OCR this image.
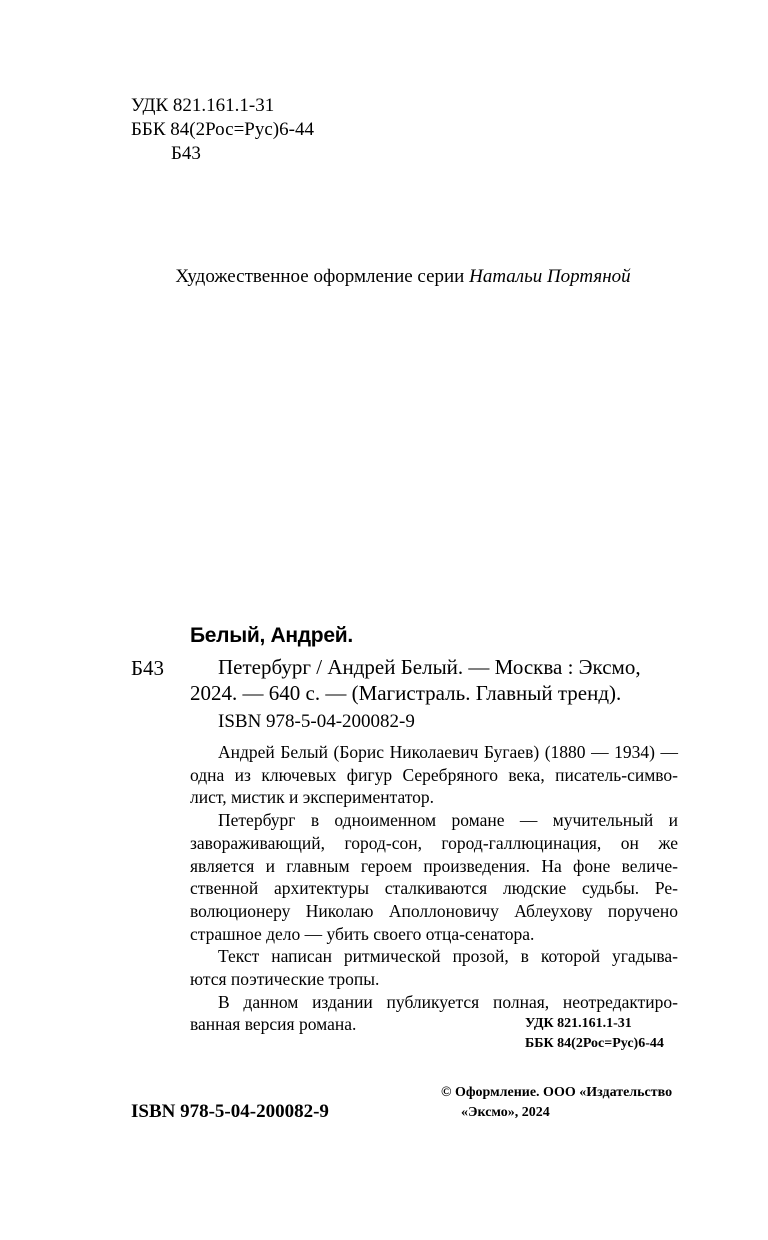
УДК 821.161.1-31
ББК 84(2Рос=Рус)6-44
Б43
Художественное оформление серии Натальи Портяной
Белый, Андрей.
Б43	Петербург / Андрей Белый. — Москва : Эксмо,
2024. — 640 с. — (Магистраль. Главный тренд).
ISBN 978-5-04-200082-9
Андрей Белый (Борис Николаевич Бугаев) (1880 — 1934) —
одна из ключевых фигур Серебряного века, писатель-симво-
лист, мистик и экспериментатор.
Петербург в одноименном романе — мучительный и
завораживающий, город-сон, город-галлюцинация, он же
является и главным героем произведения. На фоне величе-
ственной архитектуры сталкиваются людские судьбы. Ре-
волюционеру Николаю Аполлоновичу Аблеухову поручено
страшное дело — убить своего отца-сенатора.
Текст написан ритмической прозой, в которой угадыва-
ются поэтические тропы.
В данном издании публикуется полная, неотредактиро-
ванная версия романа.	УДК 821.161.1-31
ББК 84(2Рос=Рус)6-44
ISBN 978-5-04-200082-9
© Оформление. ООО «Издательство
«Эксмо», 2024
